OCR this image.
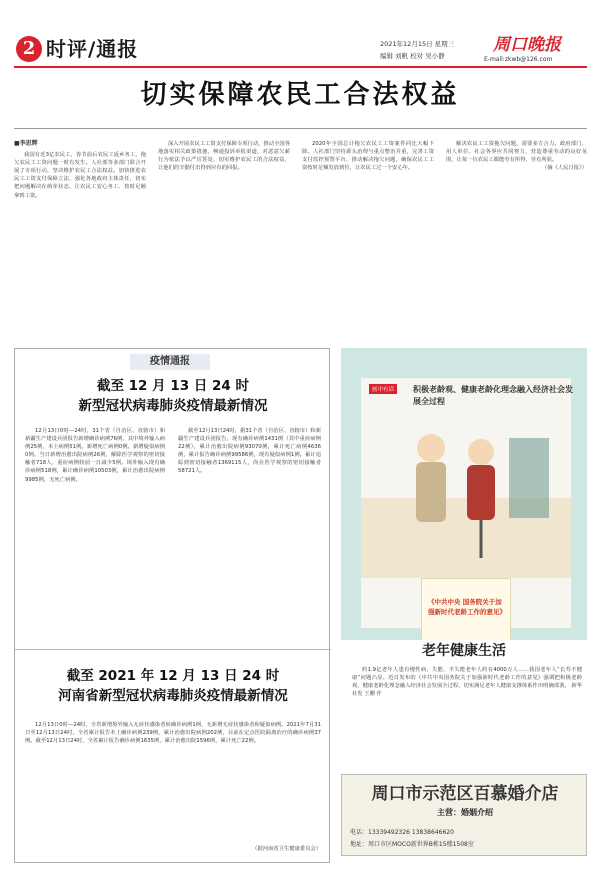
2 时评/通报	2021年12月15日 星期三
编辑 刘帆 校对 吴小静
周口晚报
E-mail:zkwb@126.com
切实保障农民工合法权益
■李思辉
我国有近3亿农民工，春节前后农民工返乡务工，拖欠农民工工资问题一时有发生。人社部等多部门联合开展了专项行动，坚决维护农民工合法权益。加快推进农民工工资支付保障立法，强化各地政府主体责任，切实把问题解决在萌芽状态，让农民工安心务工、按时足额拿到工资。
深入开展农民工工资支付保障专项行动，推动全国各地落实相关政策措施，畅通投诉举报渠道，对恶意欠薪行为依法予以严厉惩处，切实维护农民工的合法权益，让他们的辛勤付出得到应有的回报。
2020年全国总计拖欠农民工工资案件同比大幅下降。人社部门坚持源头治理与重点整治并重，完善工资支付监控预警平台，推动解决拖欠问题，确保农民工工资按时足额发放到位，让农民工过一个安心年。
解决农民工工资拖欠问题，需要多方合力。政府部门、用人单位、社会各界应共同努力，营造尊重劳动的良好氛围，让每一位农民工都能劳有所得、劳有所获。
（摘《人民日报》）
疫情通报
截至 12 月 13 日 24 时
新型冠状病毒肺炎疫情最新情况
12月13日0时—24时，31个省（自治区、直辖市）和新疆生产建设兵团报告新增确诊病例76例，其中境外输入病例25例，本土病例51例。新增死亡病例0例。新增疑似病例0例。当日新增治愈出院病例26例，解除医学观察的密切接触者718人，重症病例较前一日减少5例。境外输入现有确诊病例518例，累计确诊病例10503例，累计治愈出院病例9985例，无死亡病例。
截至12月13日24时，据31个省（自治区、直辖市）和新疆生产建设兵团报告，现有确诊病例1431例（其中重症病例22例），累计治愈出院病例93070例，累计死亡病例4636例，累计报告确诊病例99586例，现有疑似病例1例。累计追踪到密切接触者1369115人，尚在医学观察的密切接触者58721人。
截至 2021 年 12 月 13 日 24 时
河南省新型冠状病毒肺炎疫情最新情况
12月13日0时—24时，全省新增境外输入无症状感染者转确诊病例1例，无新增无症状感染者和疑似病例。2021年7月31日至12月13日24时，全省累计报告本土确诊病例239例，累计治愈出院病例202例，目前在定点医院隔离治疗的确诊病例37例。截至12月13日24时，全省累计报告确诊病例1635例，累计治愈出院1596例，累计死亡22例。
（据河南省卫生健康委员会）
画中有话	积极老龄观、健康老龄化理念融入经济社会发展全过程
《中共中央 国务院关于加强新时代老龄工作的意见》
老年健康生活
约1.9亿老年人患有慢性病，失能、半失能老年人约有4000万人……我国老年人“长寿不健康”问题凸显。近日发布的《中共中央国务院关于加强新时代老龄工作的意见》强调把积极老龄观、健康老龄化理念融入经济社会发展全过程，切实满足老年人健康支撑体系作出明确部署。 新华社发 王鹏 作
周口市示范区百慕婚介店
主营：婚姻介绍
电话：13339492326 13838646620
地址：周口市区MOCO新世界B栋15楼1508室
